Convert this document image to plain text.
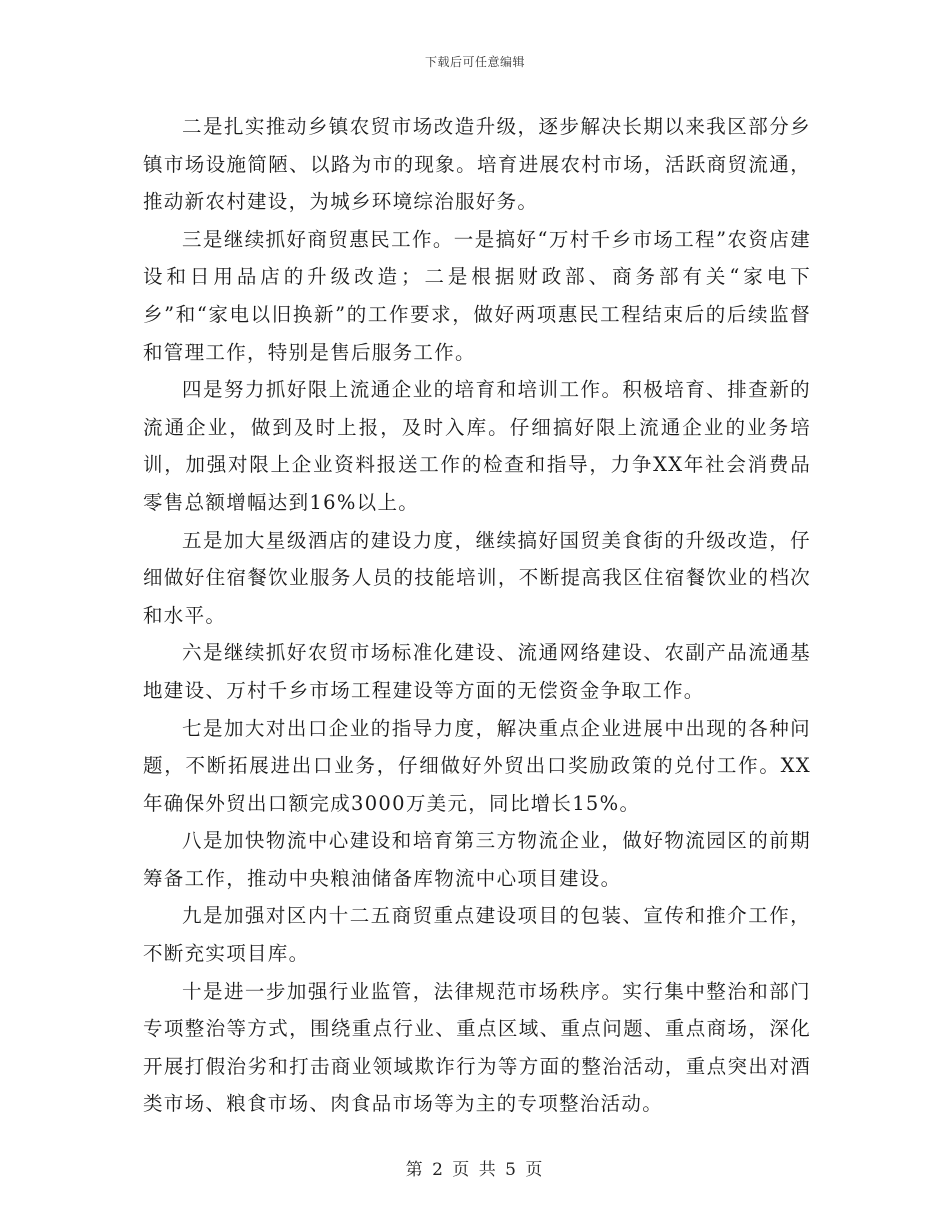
下载后可任意编辑

二是扎实推动乡镇农贸市场改造升级，逐步解决长期以来我区部分乡镇市场设施简陋、以路为市的现象。培育进展农村市场，活跃商贸流通，推动新农村建设，为城乡环境综治服好务。

三是继续抓好商贸惠民工作。一是搞好“万村千乡市场工程”农资店建设和日用品店的升级改造；二是根据财政部、商务部有关“家电下乡”和“家电以旧换新”的工作要求，做好两项惠民工程结束后的后续监督和管理工作，特别是售后服务工作。

四是努力抓好限上流通企业的培育和培训工作。积极培育、排查新的流通企业，做到及时上报，及时入库。仔细搞好限上流通企业的业务培训，加强对限上企业资料报送工作的检查和指导，力争XX年社会消费品零售总额增幅达到16%以上。

五是加大星级酒店的建设力度，继续搞好国贸美食街的升级改造，仔细做好住宿餐饮业服务人员的技能培训，不断提高我区住宿餐饮业的档次和水平。

六是继续抓好农贸市场标准化建设、流通网络建设、农副产品流通基地建设、万村千乡市场工程建设等方面的无偿资金争取工作。

七是加大对出口企业的指导力度，解决重点企业进展中出现的各种问题，不断拓展进出口业务，仔细做好外贸出口奖励政策的兑付工作。XX年确保外贸出口额完成3000万美元，同比增长15%。

八是加快物流中心建设和培育第三方物流企业，做好物流园区的前期筹备工作，推动中央粮油储备库物流中心项目建设。

九是加强对区内十二五商贸重点建设项目的包装、宣传和推介工作，不断充实项目库。

十是进一步加强行业监管，法律规范市场秩序。实行集中整治和部门专项整治等方式，围绕重点行业、重点区域、重点问题、重点商场，深化开展打假治劣和打击商业领域欺诈行为等方面的整治活动，重点突出对酒类市场、粮食市场、肉食品市场等为主的专项整治活动。

第 2 页 共 5 页
